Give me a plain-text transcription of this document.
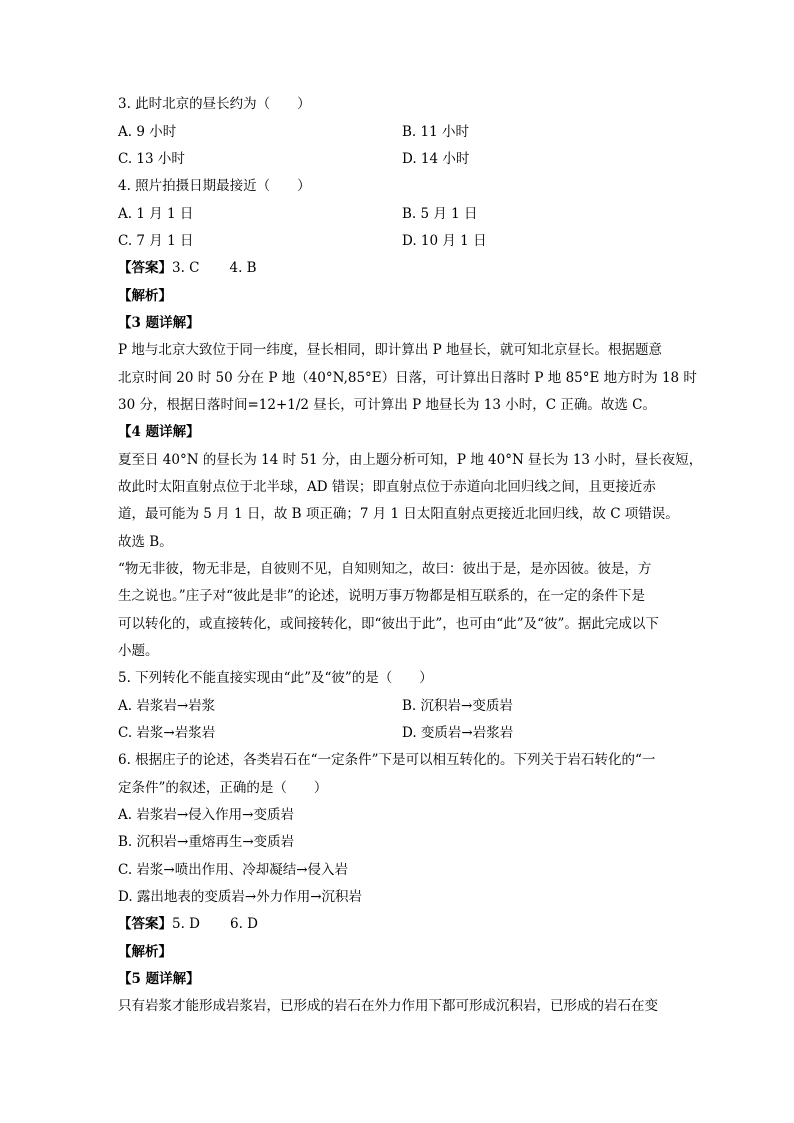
3. 此时北京的昼长约为（　　）
A. 9 小时	B. 11 小时
C. 13 小时	D. 14 小时
4. 照片拍摄日期最接近（　　）
A. 1 月 1 日	B. 5 月 1 日
C. 7 月 1 日	D. 10 月 1 日
【答案】3. C 4. B
【解析】
【3 题详解】
P 地与北京大致位于同一纬度，昼长相同，即计算出 P 地昼长，就可知北京昼长。根据题意
北京时间 20 时 50 分在 P 地（40°N,85°E）日落，可计算出日落时 P 地 85°E 地方时为 18 时
30 分，根据日落时间=12+1/2 昼长，可计算出 P 地昼长为 13 小时，C 正确。故选 C。
【4 题详解】
夏至日 40°N 的昼长为 14 时 51 分，由上题分析可知，P 地 40°N 昼长为 13 小时，昼长夜短，
故此时太阳直射点位于北半球，AD 错误；即直射点位于赤道向北回归线之间，且更接近赤
道，最可能为 5 月 1 日，故 B 项正确；7 月 1 日太阳直射点更接近北回归线，故 C 项错误。
故选 B。
“物无非彼，物无非是，自彼则不见，自知则知之，故曰：彼出于是，是亦因彼。彼是，方
生之说也。”庄子对“彼此是非”的论述，说明万事万物都是相互联系的，在一定的条件下是
可以转化的，或直接转化，或间接转化，即“彼出于此”，也可由“此”及“彼”。据此完成以下
小题。
5. 下列转化不能直接实现由“此”及“彼”的是（　　）
A. 岩浆岩→岩浆	B. 沉积岩→变质岩
C. 岩浆→岩浆岩	D. 变质岩→岩浆岩
6. 根据庄子的论述，各类岩石在“一定条件”下是可以相互转化的。下列关于岩石转化的“一
定条件”的叙述，正确的是（　　）
A. 岩浆岩→侵入作用→变质岩
B. 沉积岩→重熔再生→变质岩
C. 岩浆→喷出作用、冷却凝结→侵入岩
D. 露出地表的变质岩→外力作用→沉积岩
【答案】5. D 6. D
【解析】
【5 题详解】
只有岩浆才能形成岩浆岩，已形成的岩石在外力作用下都可形成沉积岩，已形成的岩石在变
